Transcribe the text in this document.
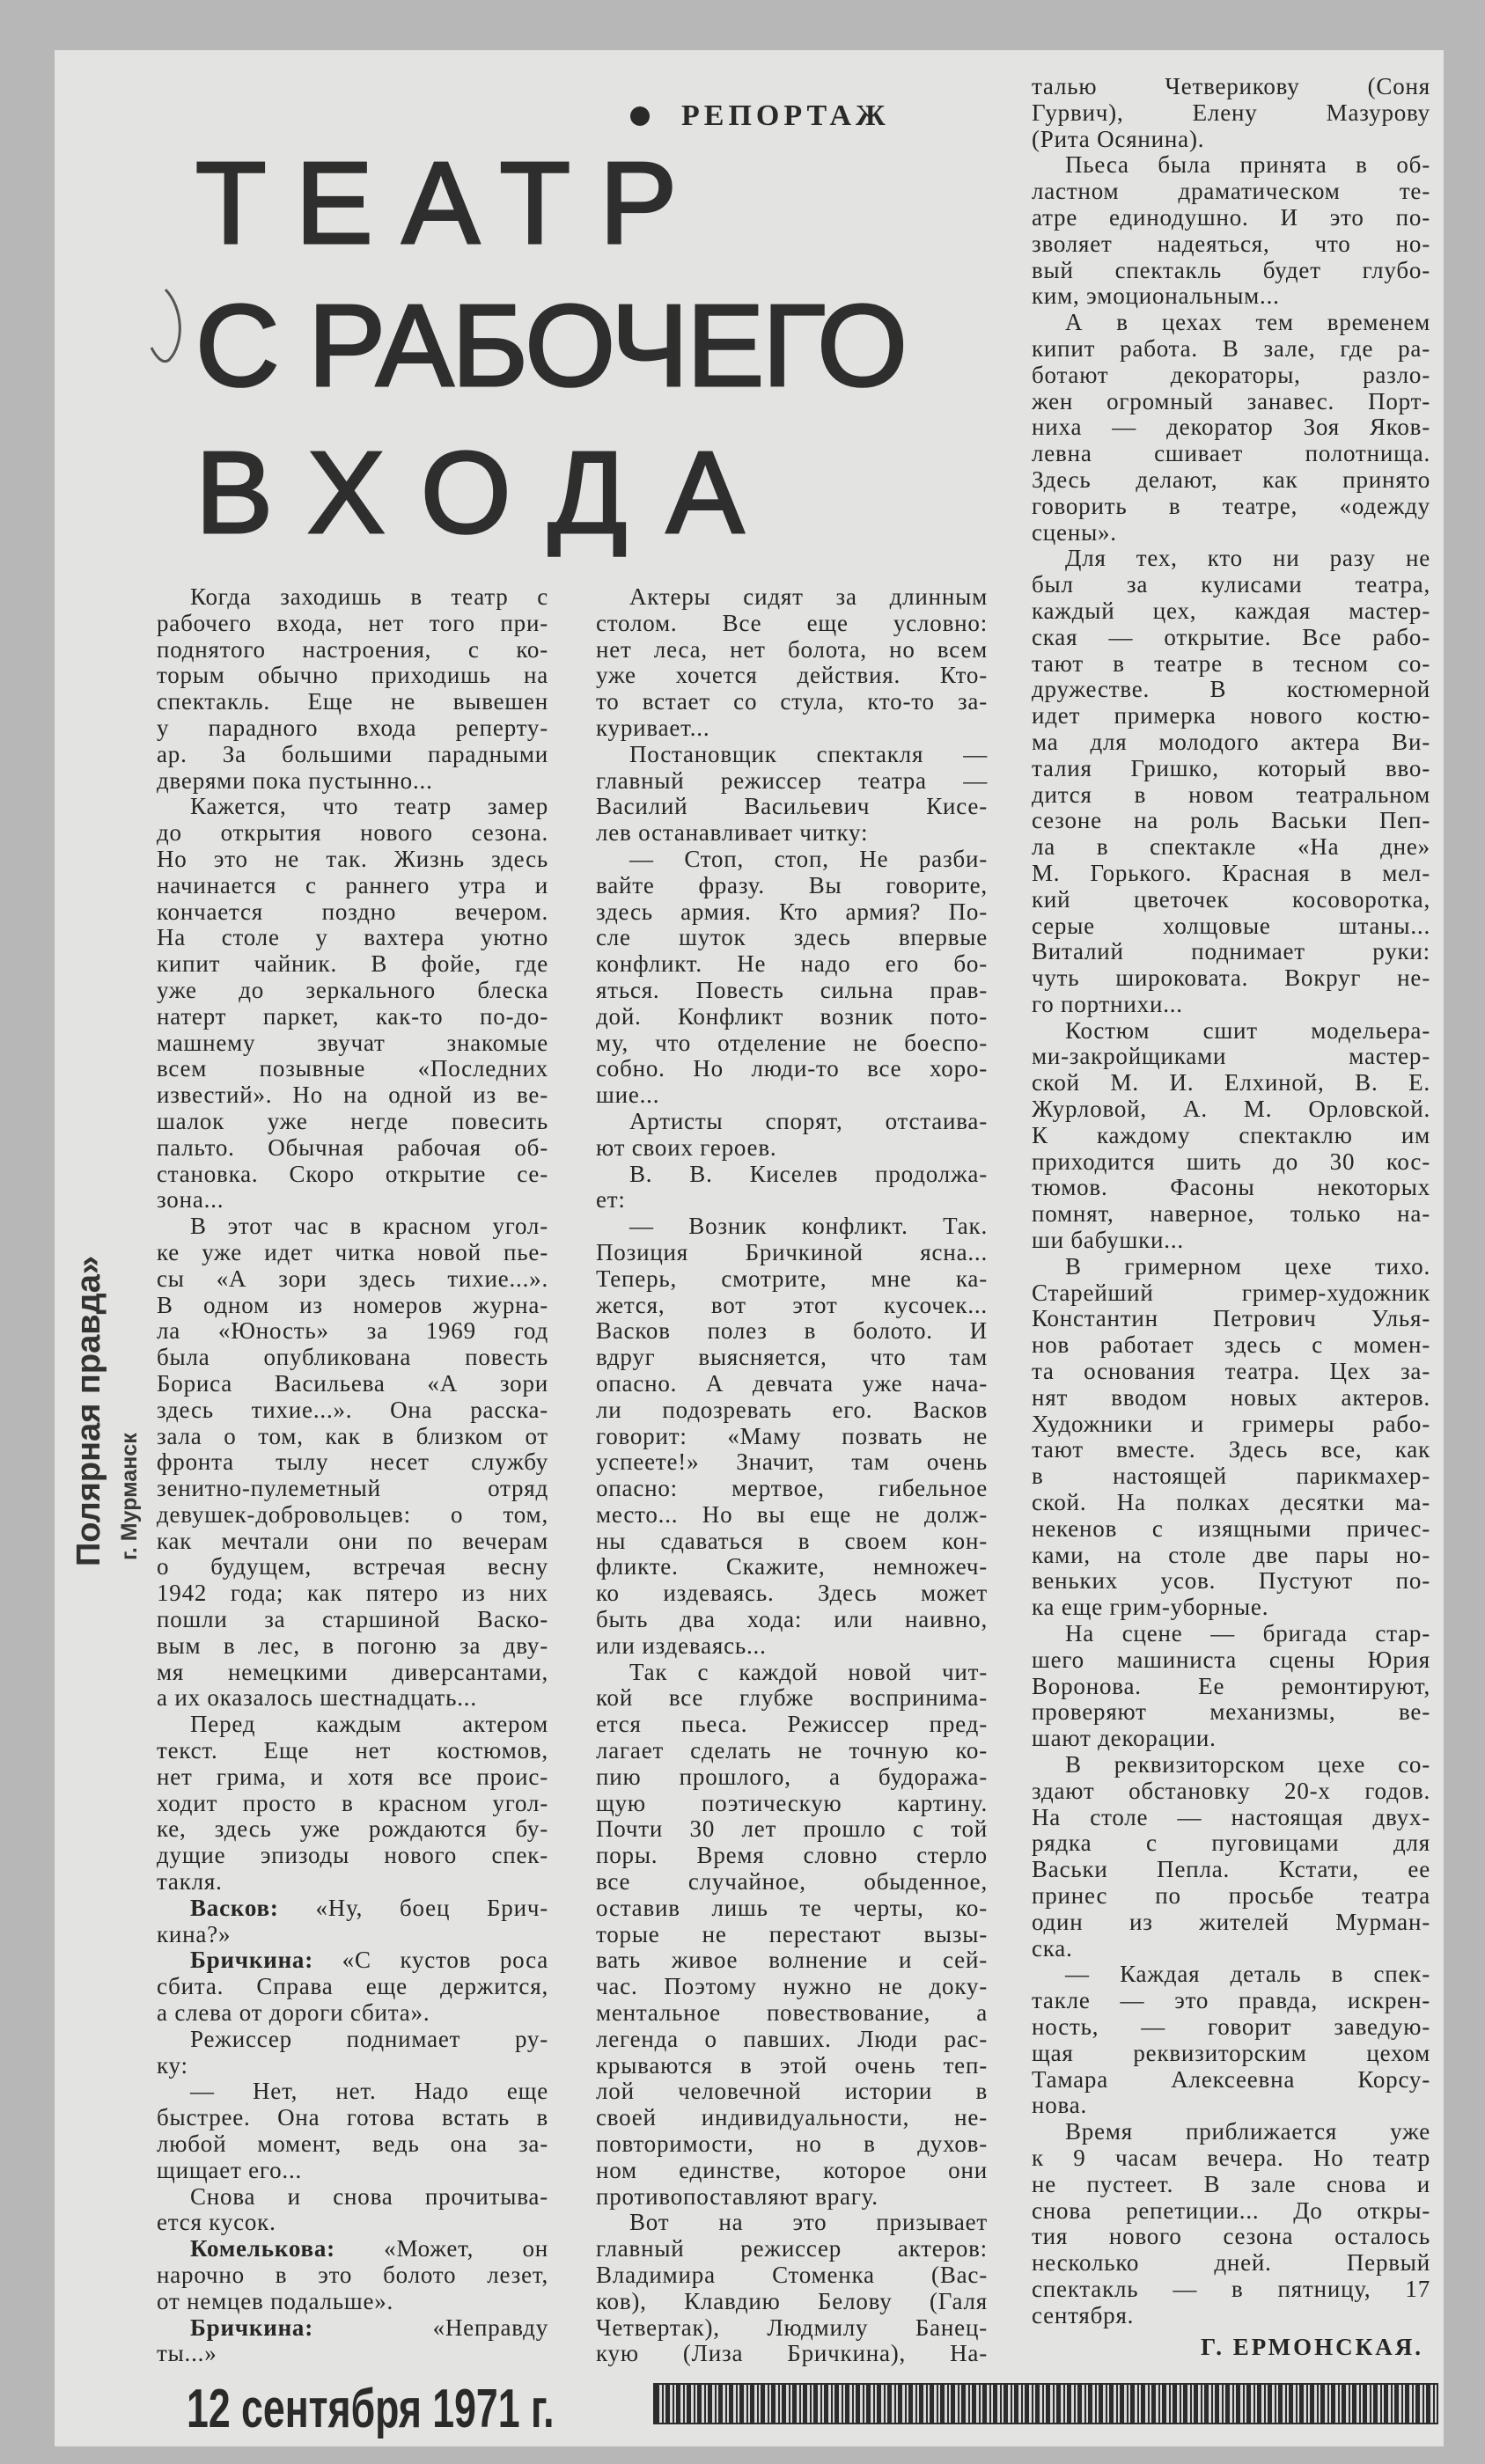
РЕПОРТАЖ
ТЕАТР
С РАБОЧЕГО
ВХОДА
Полярная правда» г. Мурманск
Когда заходишь в театр с
рабочего входа, нет того при-
поднятого настроения, с ко-
торым обычно приходишь на
спектакль. Еще не вывешен
у парадного входа реперту-
ар. За большими парадными
дверями пока пустынно...
Кажется, что театр замер
до открытия нового сезона.
Но это не так. Жизнь здесь
начинается с раннего утра и
кончается поздно вечером.
На столе у вахтера уютно
кипит чайник. В фойе, где
уже до зеркального блеска
натерт паркет, как-то по-до-
машнему звучат знакомые
всем позывные «Последних
известий». Но на одной из ве-
шалок уже негде повесить
пальто. Обычная рабочая об-
становка. Скоро открытие се-
зона...
В этот час в красном угол-
ке уже идет читка новой пье-
сы «А зори здесь тихие...».
В одном из номеров журна-
ла «Юность» за 1969 год
была опубликована повесть
Бориса Васильева «А зори
здесь тихие...». Она расска-
зала о том, как в близком от
фронта тылу несет службу
зенитно-пулеметный отряд
девушек-добровольцев: о том,
как мечтали они по вечерам
о будущем, встречая весну
1942 года; как пятеро из них
пошли за старшиной Васко-
вым в лес, в погоню за дву-
мя немецкими диверсантами,
а их оказалось шестнадцать...
Перед каждым актером
текст. Еще нет костюмов,
нет грима, и хотя все проис-
ходит просто в красном угол-
ке, здесь уже рождаются бу-
дущие эпизоды нового спек-
такля.
Васков: «Ну, боец Брич-
кина?»
Бричкина: «С кустов роса
сбита. Справа еще держится,
а слева от дороги сбита».
Режиссер поднимает ру-
ку:
— Нет, нет. Надо еще
быстрее. Она готова встать в
любой момент, ведь она за-
щищает его...
Снова и снова прочитыва-
ется кусок.
Комелькова: «Может, он
нарочно в это болото лезет,
от немцев подальше».
Бричкина: «Неправду
ты...»
Актеры сидят за длинным
столом. Все еще условно:
нет леса, нет болота, но всем
уже хочется действия. Кто-
то встает со стула, кто-то за-
куривает...
Постановщик спектакля —
главный режиссер театра —
Василий Васильевич Кисе-
лев останавливает читку:
— Стоп, стоп, Не разби-
вайте фразу. Вы говорите,
здесь армия. Кто армия? По-
сле шуток здесь впервые
конфликт. Не надо его бо-
яться. Повесть сильна прав-
дой. Конфликт возник пото-
му, что отделение не боеспо-
собно. Но люди-то все хоро-
шие...
Артисты спорят, отстаива-
ют своих героев.
В. В. Киселев продолжа-
ет:
— Возник конфликт. Так.
Позиция Бричкиной ясна...
Теперь, смотрите, мне ка-
жется, вот этот кусочек...
Васков полез в болото. И
вдруг выясняется, что там
опасно. А девчата уже нача-
ли подозревать его. Васков
говорит: «Маму позвать не
успеете!» Значит, там очень
опасно: мертвое, гибельное
место... Но вы еще не долж-
ны сдаваться в своем кон-
фликте. Скажите, немножеч-
ко издеваясь. Здесь может
быть два хода: или наивно,
или издеваясь...
Так с каждой новой чит-
кой все глубже воспринима-
ется пьеса. Режиссер пред-
лагает сделать не точную ко-
пию прошлого, а будоража-
щую поэтическую картину.
Почти 30 лет прошло с той
поры. Время словно стерло
все случайное, обыденное,
оставив лишь те черты, ко-
торые не перестают вызы-
вать живое волнение и сей-
час. Поэтому нужно не доку-
ментальное повествование, а
легенда о павших. Люди рас-
крываются в этой очень теп-
лой человечной истории в
своей индивидуальности, не-
повторимости, но в духов-
ном единстве, которое они
противопоставляют врагу.
Вот на это призывает
главный режиссер актеров:
Владимира Стоменка (Вас-
ков), Клавдию Белову (Галя
Четвертак), Людмилу Банец-
кую (Лиза Бричкина), На-
талью Четверикову (Соня
Гурвич), Елену Мазурову
(Рита Осянина).
Пьеса была принята в об-
ластном драматическом те-
атре единодушно. И это по-
зволяет надеяться, что но-
вый спектакль будет глубо-
ким, эмоциональным...
А в цехах тем временем
кипит работа. В зале, где ра-
ботают декораторы, разло-
жен огромный занавес. Порт-
ниха — декоратор Зоя Яков-
левна сшивает полотнища.
Здесь делают, как принято
говорить в театре, «одежду
сцены».
Для тех, кто ни разу не
был за кулисами театра,
каждый цех, каждая мастер-
ская — открытие. Все рабо-
тают в театре в тесном со-
дружестве. В костюмерной
идет примерка нового костю-
ма для молодого актера Ви-
талия Гришко, который вво-
дится в новом театральном
сезоне на роль Васьки Пеп-
ла в спектакле «На дне»
М. Горького. Красная в мел-
кий цветочек косоворотка,
серые холщовые штаны...
Виталий поднимает руки:
чуть широковата. Вокруг не-
го портнихи...
Костюм сшит модельера-
ми-закройщиками мастер-
ской М. И. Елхиной, В. Е.
Журловой, А. М. Орловской.
К каждому спектаклю им
приходится шить до 30 кос-
тюмов. Фасоны некоторых
помнят, наверное, только на-
ши бабушки...
В гримерном цехе тихо.
Старейший гример-художник
Константин Петрович Улья-
нов работает здесь с момен-
та основания театра. Цех за-
нят вводом новых актеров.
Художники и гримеры рабо-
тают вместе. Здесь все, как
в настоящей парикмахер-
ской. На полках десятки ма-
некенов с изящными причес-
ками, на столе две пары но-
веньких усов. Пустуют по-
ка еще грим-уборные.
На сцене — бригада стар-
шего машиниста сцены Юрия
Воронова. Ее ремонтируют,
проверяют механизмы, ве-
шают декорации.
В реквизиторском цехе со-
здают обстановку 20-х годов.
На столе — настоящая двух-
рядка с пуговицами для
Васьки Пепла. Кстати, ее
принес по просьбе театра
один из жителей Мурман-
ска.
— Каждая деталь в спек-
такле — это правда, искрен-
ность, — говорит заведую-
щая реквизиторским цехом
Тамара Алексеевна Корсу-
нова.
Время приближается уже
к 9 часам вечера. Но театр
не пустеет. В зале снова и
снова репетиции... До откры-
тия нового сезона осталось
несколько дней. Первый
спектакль — в пятницу, 17
сентября.
Г. ЕРМОНСКАЯ.
12 сентября 1971 г.
